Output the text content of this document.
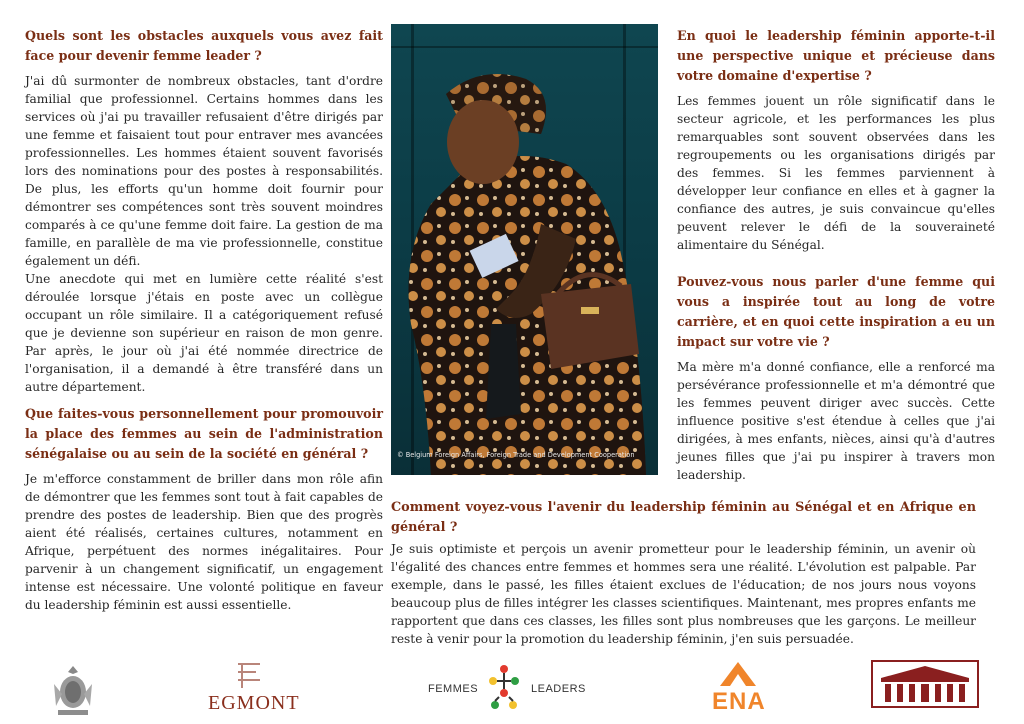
Quels sont les obstacles auxquels vous avez fait face pour devenir femme leader ?

J'ai dû surmonter de nombreux obstacles, tant d'ordre familial que professionnel. Certains hommes dans les services où j'ai pu travailler refusaient d'être dirigés par une femme et faisaient tout pour entraver mes avancées professionnelles. Les hommes étaient souvent favorisés lors des nominations pour des postes à responsabilités. De plus, les efforts qu'un homme doit fournir pour démontrer ses compétences sont très souvent moindres comparés à ce qu'une femme doit faire. La gestion de ma famille, en parallèle de ma vie professionnelle, constitue également un défi.

Une anecdote qui met en lumière cette réalité s'est déroulée lorsque j'étais en poste avec un collègue occupant un rôle similaire. Il a catégoriquement refusé que je devienne son supérieur en raison de mon genre. Par après, le jour où j'ai été nommée directrice de l'organisation, il a demandé à être transféré dans un autre département.

Que faites-vous personnellement pour promouvoir la place des femmes au sein de l'administration sénégalaise ou au sein de la société en général ?

Je m'efforce constamment de briller dans mon rôle afin de démontrer que les femmes sont tout à fait capables de prendre des postes de leadership. Bien que des progrès aient été réalisés, certaines cultures, notamment en Afrique, perpétuent des normes inégalitaires. Pour parvenir à un changement significatif, un engagement intense est nécessaire. Une volonté politique en faveur du leadership féminin est aussi essentielle.

© Belgium Foreign Affairs, Foreign Trade and Development Cooperation

En quoi le leadership féminin apporte-t-il une perspective unique et précieuse dans votre domaine d'expertise ?

Les femmes jouent un rôle significatif dans le secteur agricole, et les performances les plus remarquables sont souvent observées dans les regroupements ou les organisations dirigés par des femmes. Si les femmes parviennent à développer leur confiance en elles et à gagner la confiance des autres, je suis convaincue qu'elles peuvent relever le défi de la souveraineté alimentaire du Sénégal.

Pouvez-vous nous parler d'une femme qui vous a inspirée tout au long de votre carrière, et en quoi cette inspiration a eu un impact sur votre vie ?

Ma mère m'a donné confiance, elle a renforcé ma persévérance professionnelle et m'a démontré que les femmes peuvent diriger avec succès. Cette influence positive s'est étendue à celles que j'ai dirigées, à mes enfants, nièces, ainsi qu'à d'autres jeunes filles que j'ai pu inspirer à travers mon leadership.

Comment voyez-vous l'avenir du leadership féminin au Sénégal et en Afrique en général ?

Je suis optimiste et perçois un avenir prometteur pour le leadership féminin, un avenir où l'égalité des chances entre femmes et hommes sera une réalité. L'évolution est palpable. Par exemple, dans le passé, les filles étaient exclues de l'éducation; de nos jours nous voyons beaucoup plus de filles intégrer les classes scientifiques. Maintenant, mes propres enfants me rapportent que dans ces classes, les filles sont plus nombreuses que les garçons. Le meilleur reste à venir pour la promotion du leadership féminin, j'en suis persuadée.

EGMONT
FEMMES	LEADERS	ENA
